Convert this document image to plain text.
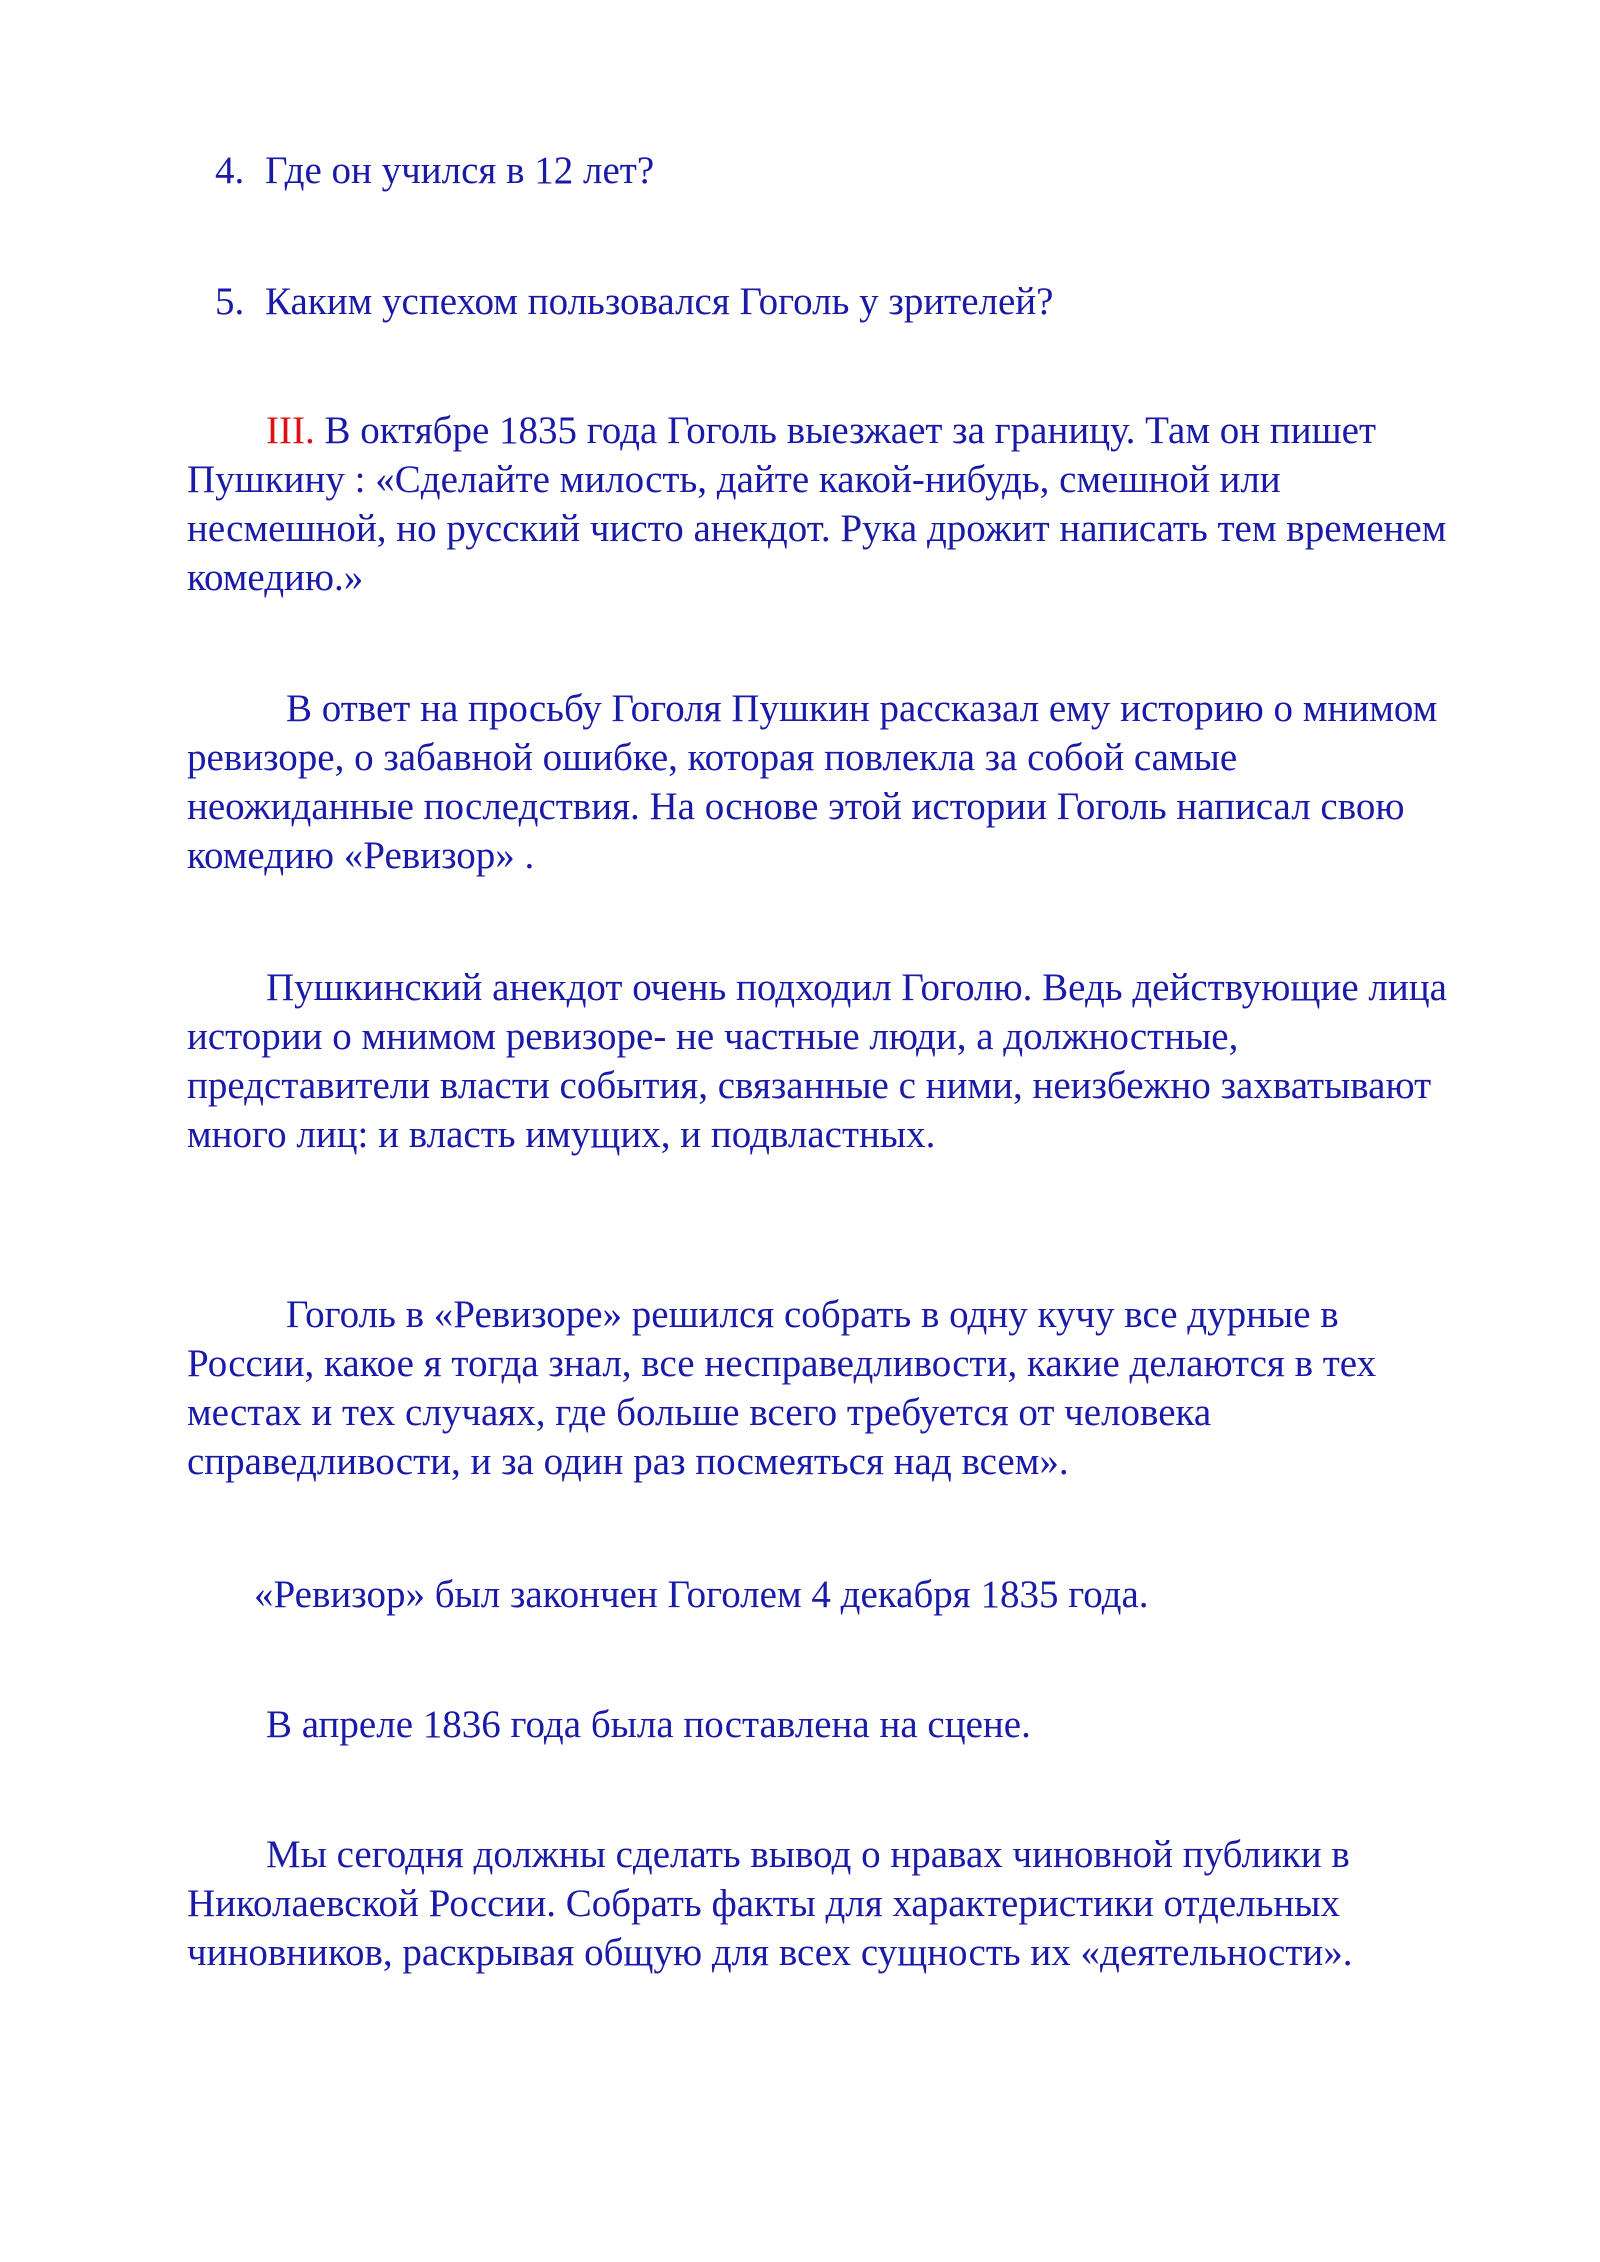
4. Где он учился в 12 лет?

5. Каким успехом пользовался Гоголь у зрителей?

III. В октябре 1835 года Гоголь выезжает за границу. Там он пишет Пушкину : «Сделайте милость, дайте какой-нибудь, смешной или несмешной, но русский чисто анекдот. Рука дрожит написать тем временем комедию.»

В ответ на просьбу Гоголя Пушкин рассказал ему историю о мнимом ревизоре, о забавной ошибке, которая повлекла за собой самые неожиданные последствия. На основе этой истории Гоголь написал свою комедию «Ревизор» .

Пушкинский анекдот очень подходил Гоголю. Ведь действующие лица истории о мнимом ревизоре- не частные люди, а должностные, представители власти события, связанные с ними, неизбежно захватывают много лиц: и власть имущих, и подвластных.

Гоголь в «Ревизоре» решился собрать в одну кучу все дурные в России, какое я тогда знал, все несправедливости, какие делаются в тех местах и тех случаях, где больше всего требуется от человека справедливости, и за один раз посмеяться над всем».

«Ревизор» был закончен Гоголем 4 декабря 1835 года.

В апреле 1836 года была поставлена на сцене.

Мы сегодня должны сделать вывод о нравах чиновной публики в Николаевской России. Собрать факты для характеристики отдельных чиновников, раскрывая общую для всех сущность их «деятельности».
